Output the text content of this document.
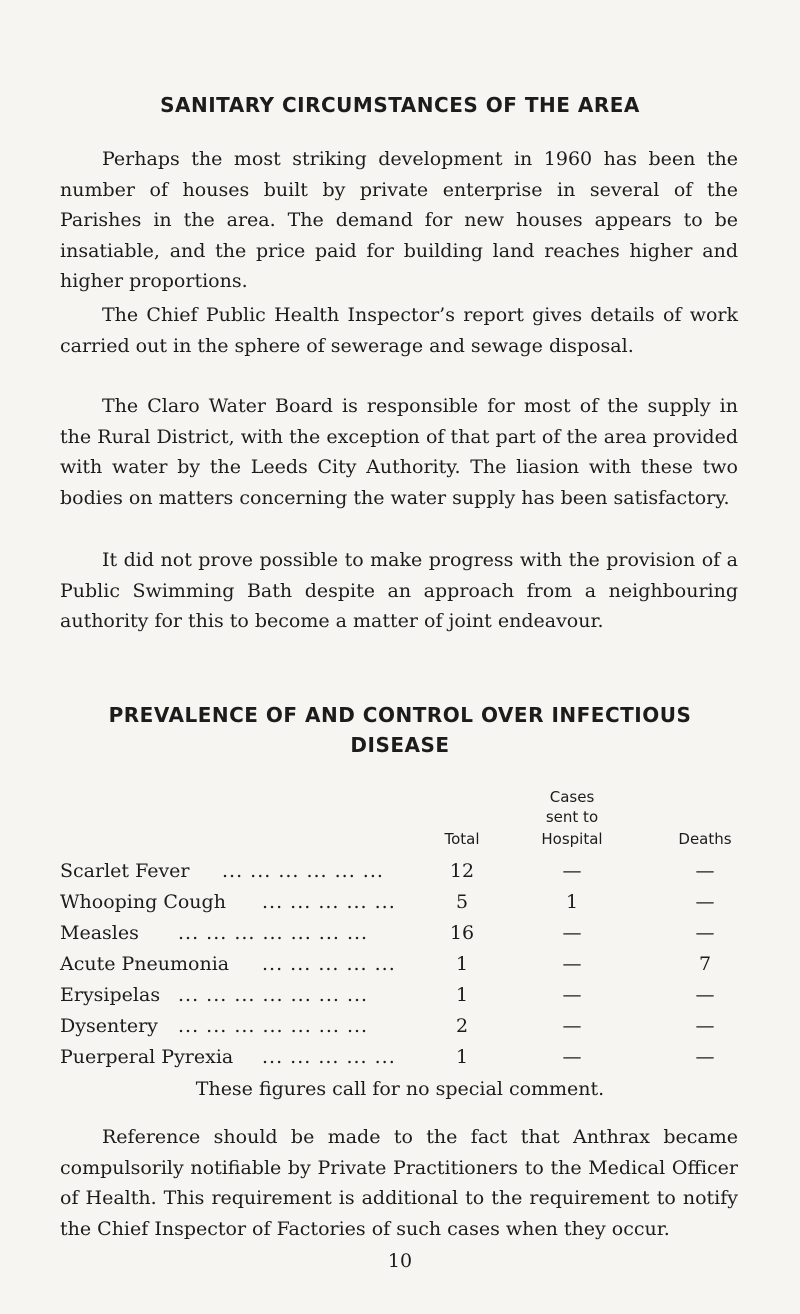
SANITARY CIRCUMSTANCES OF THE AREA

Perhaps the most striking development in 1960 has been the number of houses built by private enterprise in several of the Parishes in the area. The demand for new houses appears to be insatiable, and the price paid for building land reaches higher and higher proportions.

The Chief Public Health Inspector’s report gives details of work carried out in the sphere of sewerage and sewage disposal.

The Claro Water Board is responsible for most of the supply in the Rural District, with the exception of that part of the area provided with water by the Leeds City Authority. The liasion with these two bodies on matters concerning the water supply has been satisfactory.

It did not prove possible to make progress with the provision of a Public Swimming Bath despite an approach from a neighbouring authority for this to become a matter of joint endeavour.

PREVALENCE OF AND CONTROL OVER INFECTIOUS
DISEASE
Cases
sent to
Total	Hospital	Deaths
Scarlet Fever ... ... ... ... ... ...	12	—	—
Whooping Cough ... ... ... ... ...	5	1	—
Measles ... ... ... ... ... ... ...	16	—	—
Acute Pneumonia ... ... ... ... ...	1	—	7
Erysipelas ... ... ... ... ... ... ...	1	—	—
Dysentery ... ... ... ... ... ... ...	2	—	—
Puerperal Pyrexia ... ... ... ... ...	1	—	—
These figures call for no special comment.

Reference should be made to the fact that Anthrax became compulsorily notifiable by Private Practitioners to the Medical Officer of Health. This requirement is additional to the requirement to notify the Chief Inspector of Factories of such cases when they occur.

10
